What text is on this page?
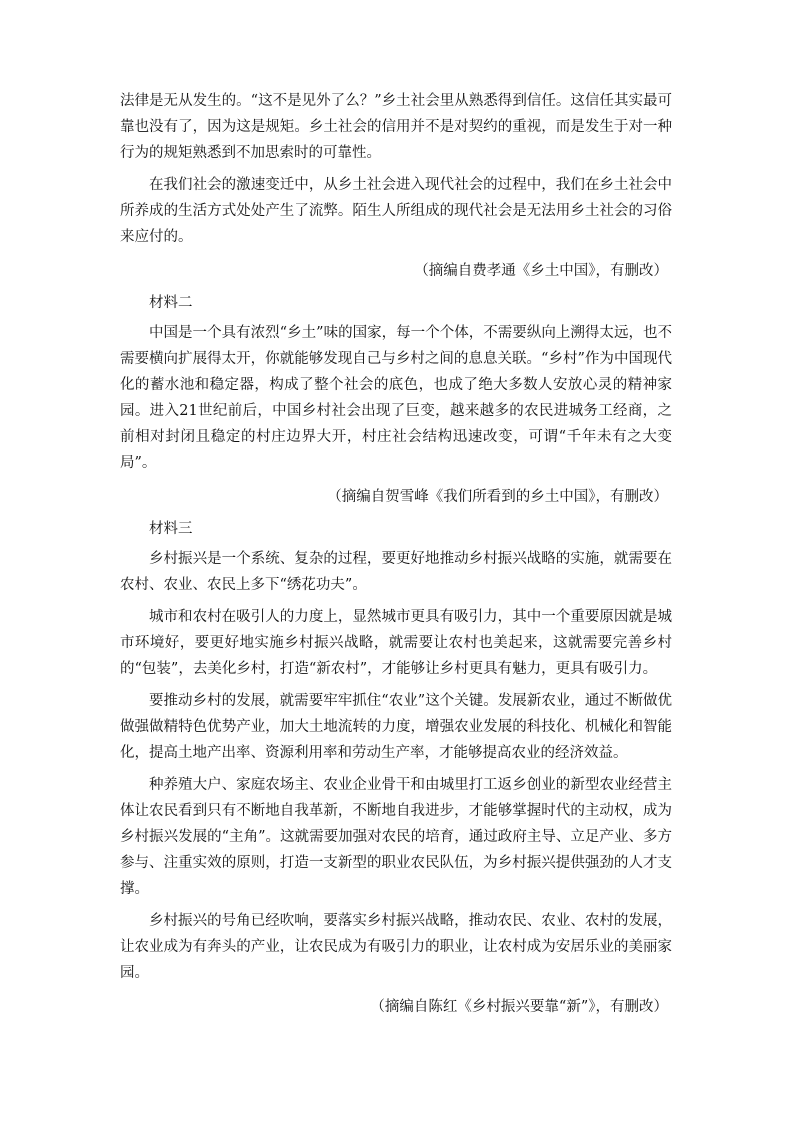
法律是无从发生的。“这不是见外了么？”乡土社会里从熟悉得到信任。这信任其实最可靠也没有了，因为这是规矩。乡土社会的信用并不是对契约的重视，而是发生于对一种行为的规矩熟悉到不加思索时的可靠性。

在我们社会的激速变迁中，从乡土社会进入现代社会的过程中，我们在乡土社会中所养成的生活方式处处产生了流弊。陌生人所组成的现代社会是无法用乡土社会的习俗来应付的。

（摘编自费孝通《乡土中国》，有删改）

材料二

中国是一个具有浓烈“乡土”味的国家，每一个个体，不需要纵向上溯得太远，也不需要横向扩展得太开，你就能够发现自己与乡村之间的息息关联。“乡村”作为中国现代化的蓄水池和稳定器，构成了整个社会的底色，也成了绝大多数人安放心灵的精神家园。进入21世纪前后，中国乡村社会出现了巨变，越来越多的农民进城务工经商，之前相对封闭且稳定的村庄边界大开，村庄社会结构迅速改变，可谓“千年未有之大变局”。

（摘编自贺雪峰《我们所看到的乡土中国》，有删改）

材料三

乡村振兴是一个系统、复杂的过程，要更好地推动乡村振兴战略的实施，就需要在农村、农业、农民上多下“绣花功夫”。

城市和农村在吸引人的力度上，显然城市更具有吸引力，其中一个重要原因就是城市环境好，要更好地实施乡村振兴战略，就需要让农村也美起来，这就需要完善乡村的“包装”，去美化乡村，打造“新农村”，才能够让乡村更具有魅力，更具有吸引力。

要推动乡村的发展，就需要牢牢抓住“农业”这个关键。发展新农业，通过不断做优做强做精特色优势产业，加大土地流转的力度，增强农业发展的科技化、机械化和智能化，提高土地产出率、资源利用率和劳动生产率，才能够提高农业的经济效益。

种养殖大户、家庭农场主、农业企业骨干和由城里打工返乡创业的新型农业经营主体让农民看到只有不断地自我革新，不断地自我进步，才能够掌握时代的主动权，成为乡村振兴发展的“主角”。这就需要加强对农民的培育，通过政府主导、立足产业、多方参与、注重实效的原则，打造一支新型的职业农民队伍，为乡村振兴提供强劲的人才支撑。

乡村振兴的号角已经吹响，要落实乡村振兴战略，推动农民、农业、农村的发展，让农业成为有奔头的产业，让农民成为有吸引力的职业，让农村成为安居乐业的美丽家园。

（摘编自陈红《乡村振兴要靠“新”》，有删改）
